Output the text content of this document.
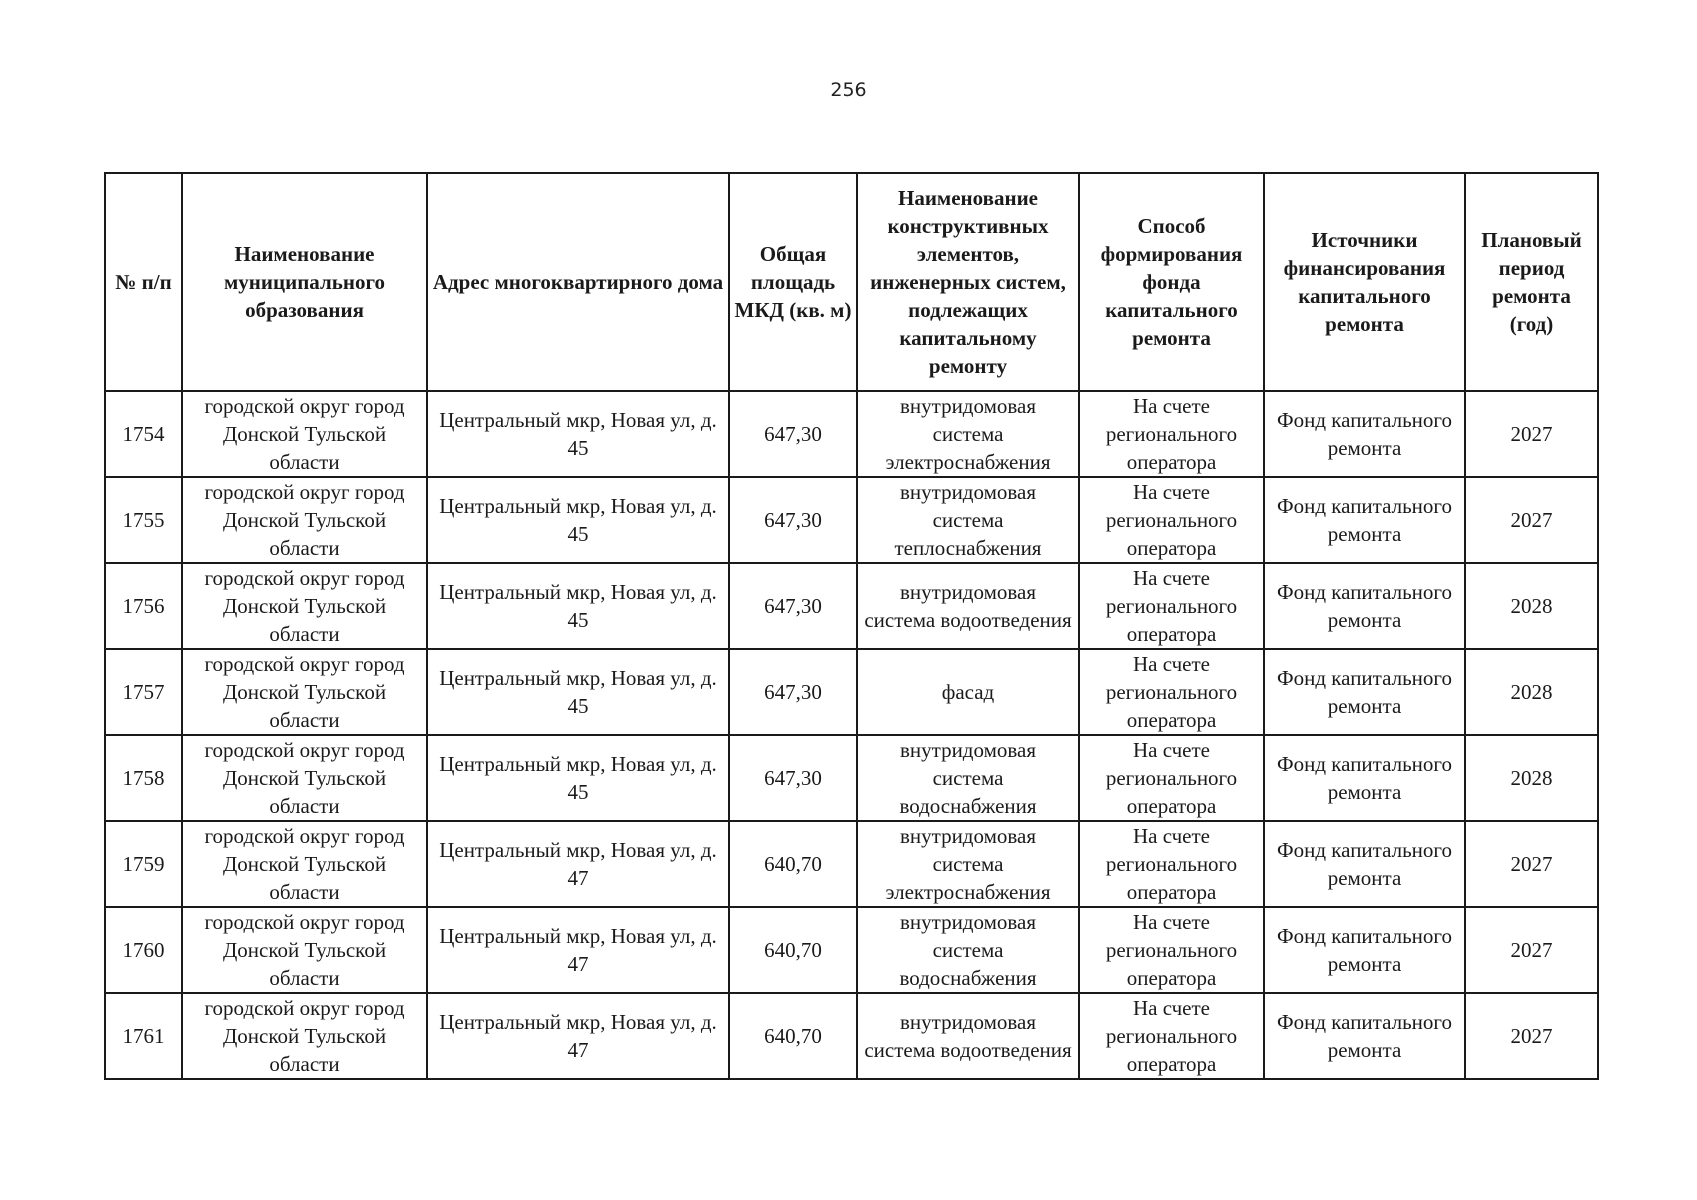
256
№ п/п	Наименование муниципального образования	Адрес многоквартирного дома	Общая площадь МКД (кв. м)	Наименование конструктивных элементов, инженерных систем, подлежащих капитальному ремонту	Способ формирования фонда капитального ремонта	Источники финансирования капитального ремонта	Плановый период ремонта (год)
1754	городской округ город Донской Тульской области	Центральный мкр, Новая ул, д. 45	647,30	внутридомовая система электроснабжения	На счете регионального оператора	Фонд капитального ремонта	2027
1755	городской округ город Донской Тульской области	Центральный мкр, Новая ул, д. 45	647,30	внутридомовая система теплоснабжения	На счете регионального оператора	Фонд капитального ремонта	2027
1756	городской округ город Донской Тульской области	Центральный мкр, Новая ул, д. 45	647,30	внутридомовая система водоотведения	На счете регионального оператора	Фонд капитального ремонта	2028
1757	городской округ город Донской Тульской области	Центральный мкр, Новая ул, д. 45	647,30	фасад	На счете регионального оператора	Фонд капитального ремонта	2028
1758	городской округ город Донской Тульской области	Центральный мкр, Новая ул, д. 45	647,30	внутридомовая система водоснабжения	На счете регионального оператора	Фонд капитального ремонта	2028
1759	городской округ город Донской Тульской области	Центральный мкр, Новая ул, д. 47	640,70	внутридомовая система электроснабжения	На счете регионального оператора	Фонд капитального ремонта	2027
1760	городской округ город Донской Тульской области	Центральный мкр, Новая ул, д. 47	640,70	внутридомовая система водоснабжения	На счете регионального оператора	Фонд капитального ремонта	2027
1761	городской округ город Донской Тульской области	Центральный мкр, Новая ул, д. 47	640,70	внутридомовая система водоотведения	На счете регионального оператора	Фонд капитального ремонта	2027
